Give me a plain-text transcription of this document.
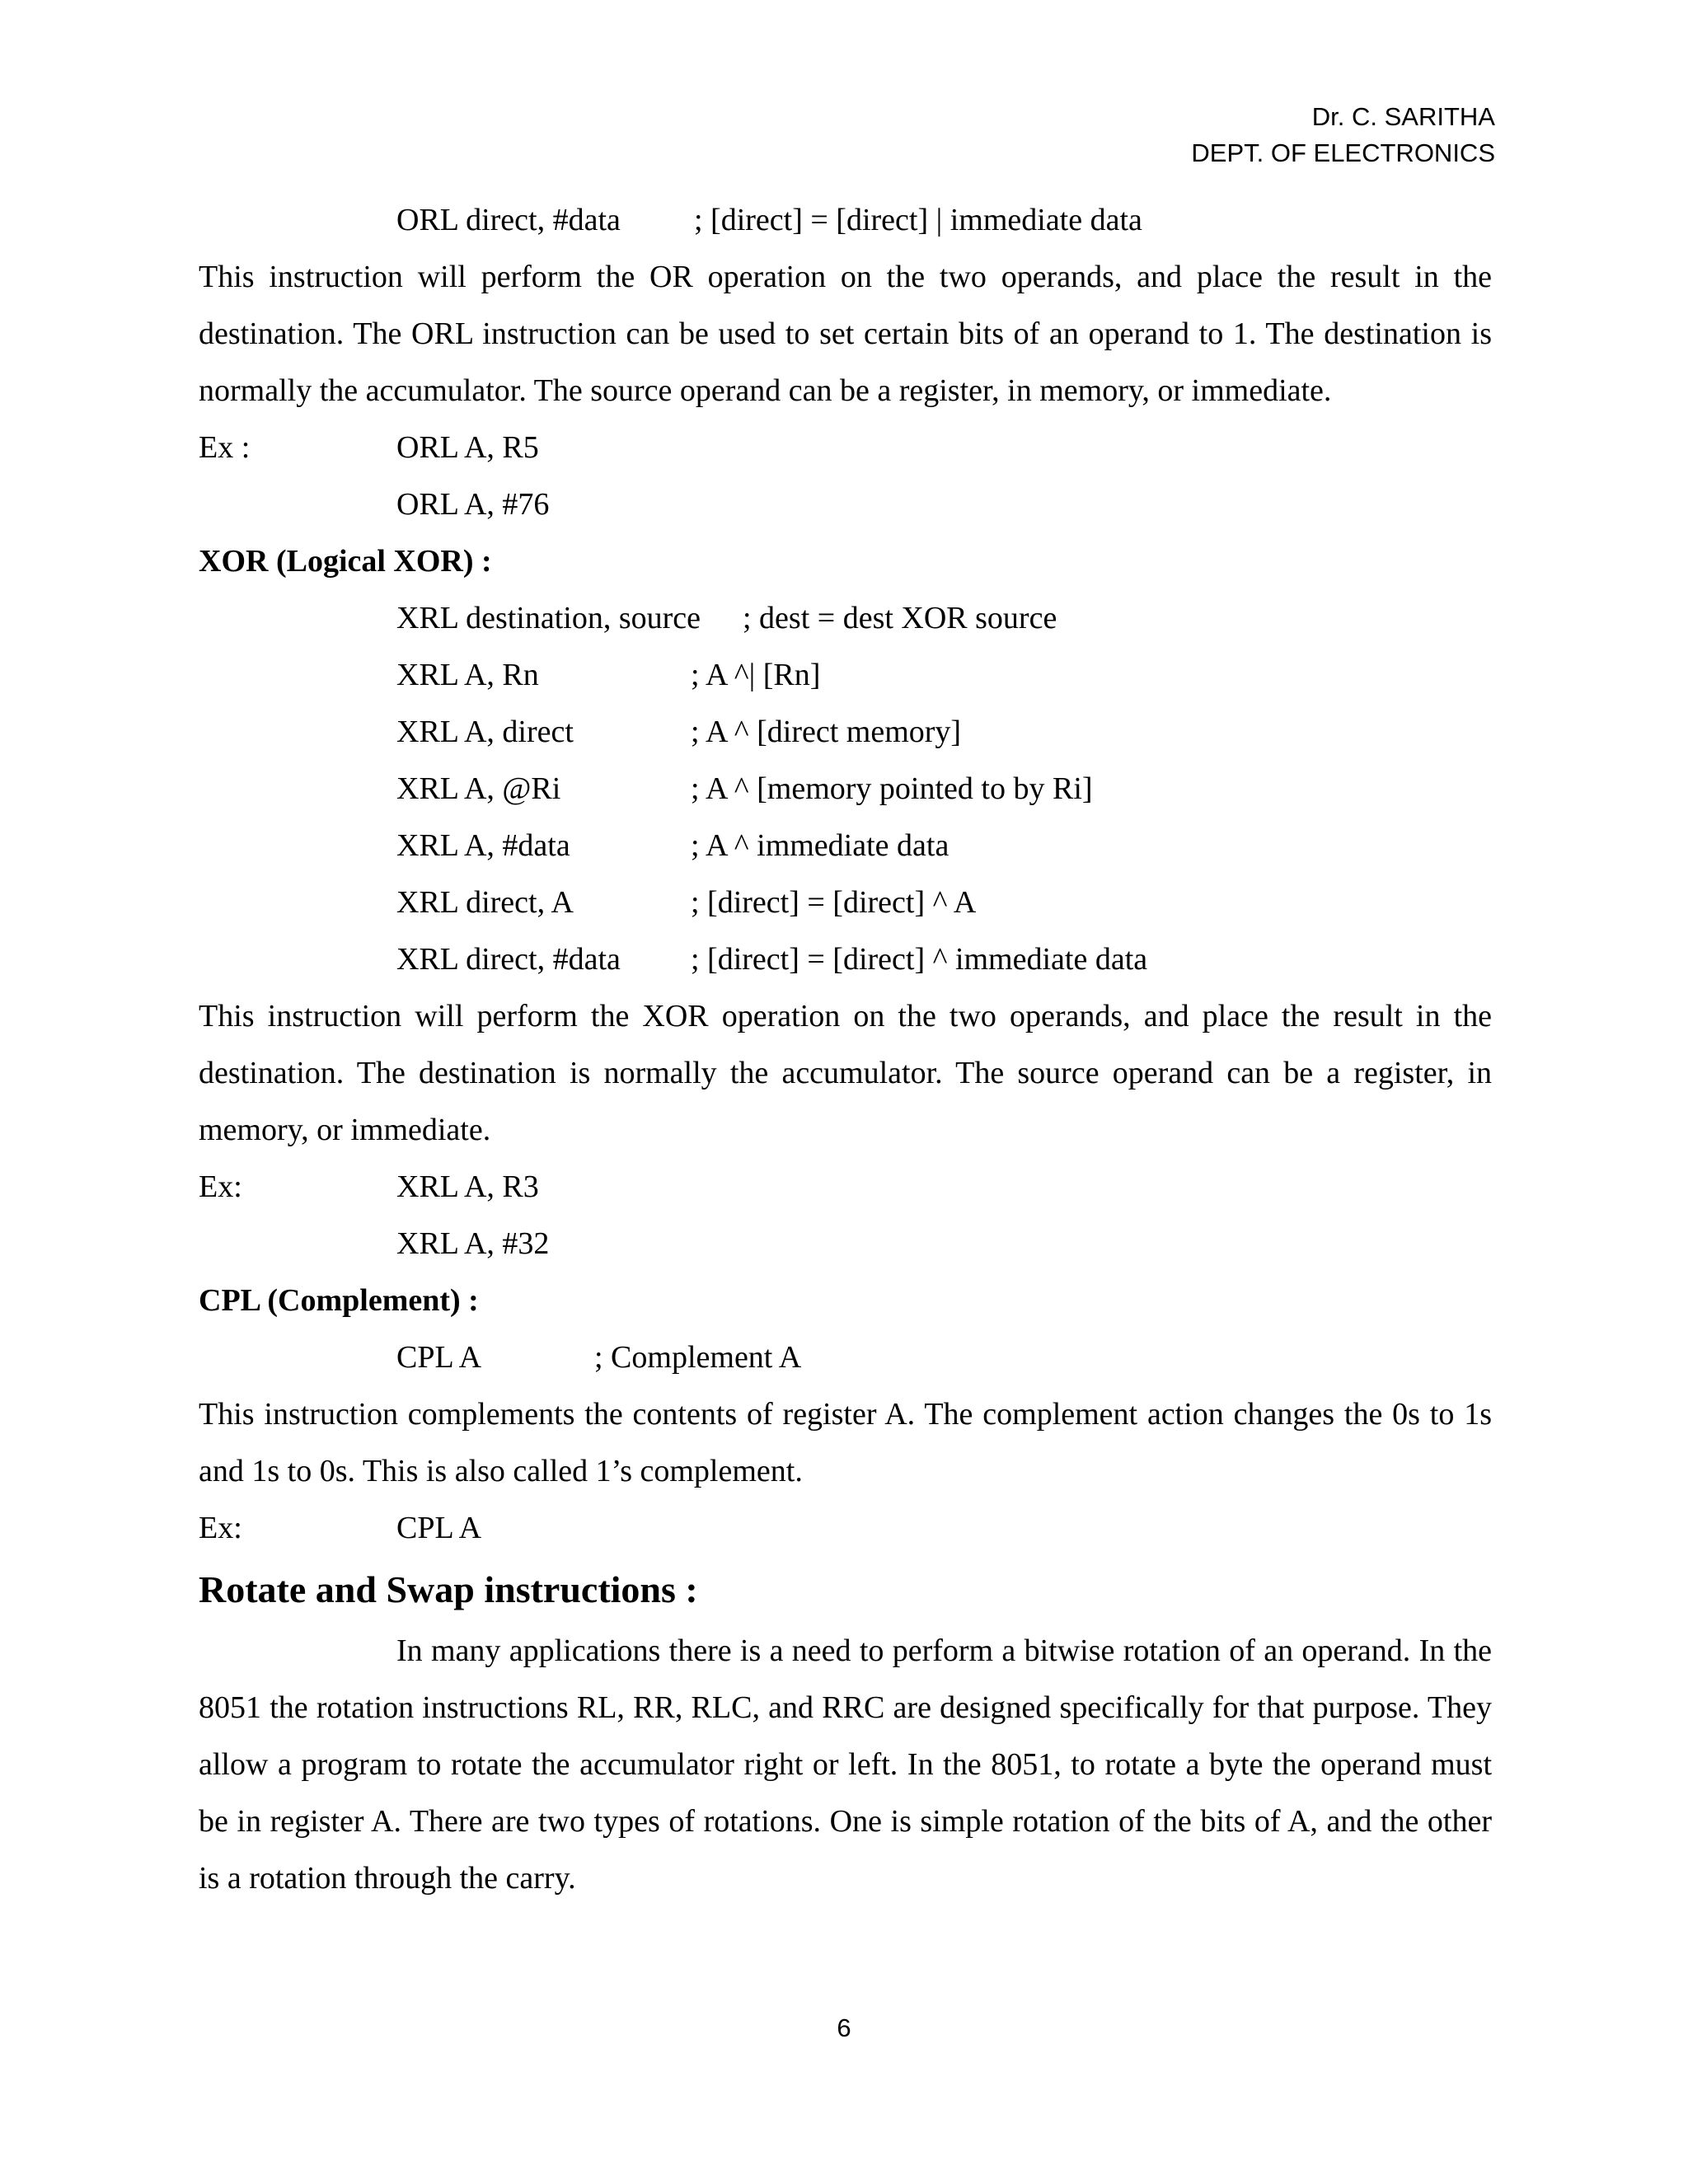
Dr. C. SARITHA
DEPT. OF ELECTRONICS
ORL direct, #data ; [direct] = [direct] | immediate data
This instruction will perform the OR operation on the two operands, and place the result in the destination. The ORL instruction can be used to set certain bits of an operand to 1. The destination is normally the accumulator. The source operand can be a register, in memory, or immediate.
Ex :	ORL A, R5
ORL A, #76
XOR (Logical XOR) :
XRL destination, source ; dest = dest XOR source
XRL A, Rn	; A ^| [Rn]
XRL A, direct	; A ^ [direct memory]
XRL A, @Ri	; A ^ [memory pointed to by Ri]
XRL A, #data	; A ^ immediate data
XRL direct, A	; [direct] = [direct] ^ A
XRL direct, #data ; [direct] = [direct] ^ immediate data
This instruction will perform the XOR operation on the two operands, and place the result in the destination. The destination is normally the accumulator. The source operand can be a register, in memory, or immediate.
Ex:	XRL A, R3
XRL A, #32
CPL (Complement) :
CPL A	; Complement A
This instruction complements the contents of register A. The complement action changes the 0s to 1s and 1s to 0s. This is also called 1’s complement.
Ex:	CPL A
Rotate and Swap instructions :
In many applications there is a need to perform a bitwise rotation of an operand. In the 8051 the rotation instructions RL, RR, RLC, and RRC are designed specifically for that purpose. They allow a program to rotate the accumulator right or left. In the 8051, to rotate a byte the operand must be in register A. There are two types of rotations. One is simple rotation of the bits of A, and the other is a rotation through the carry.
6
